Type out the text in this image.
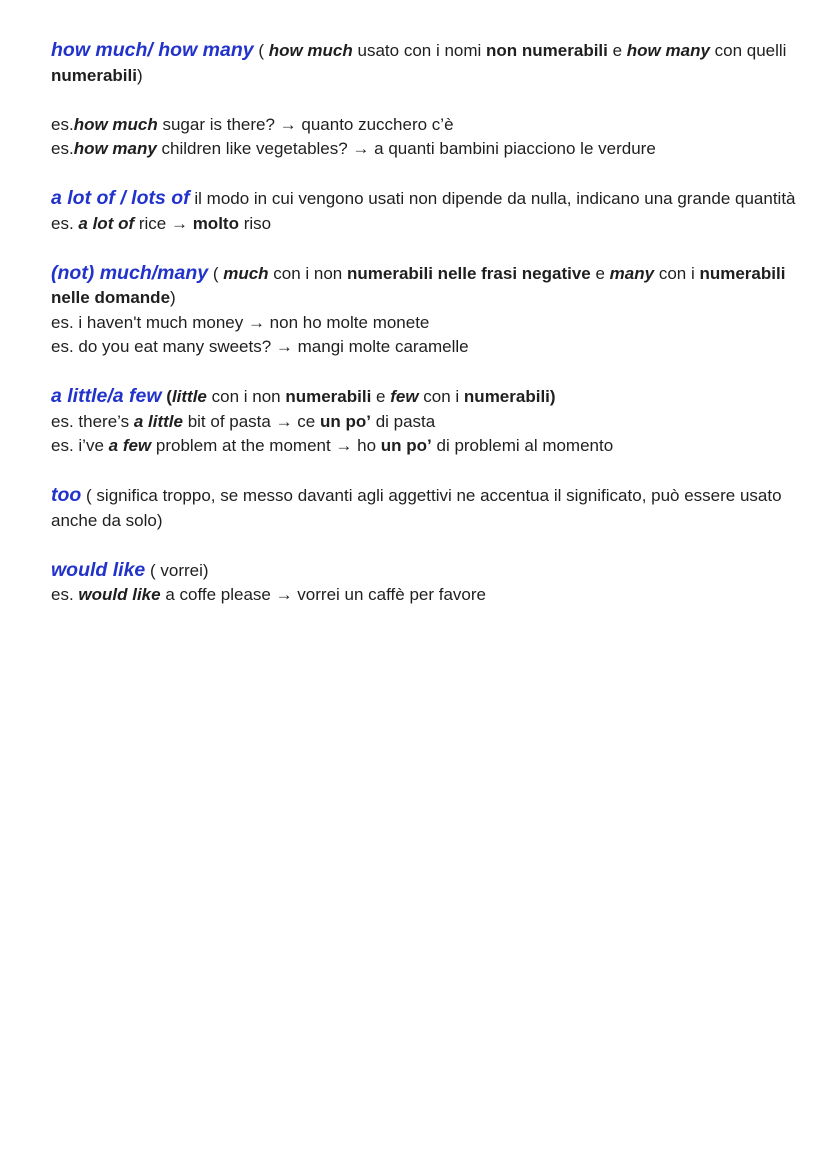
how much/ how many ( how much usato con i nomi non numerabili e how many con quelli numerabili)
es.how much sugar is there? → quanto zucchero c’è
es.how many children like vegetables? → a quanti bambini piacciono le verdure
a lot of / lots of il modo in cui vengono usati non dipende da nulla, indicano una grande quantità
es. a lot of rice → molto riso
(not) much/many ( much con i non numerabili nelle frasi negative e many con i numerabili nelle domande)
es. i haven't much money → non ho molte monete
es. do you eat many sweets? → mangi molte caramelle
a little/a few (little con i non numerabili e few con i numerabili)
es. there’s a little bit of pasta → ce un po’ di pasta
es. i’ve a few problem at the moment → ho un po’ di problemi al momento
too ( significa troppo, se messo davanti agli aggettivi ne accentua il significato, può essere usato anche da solo)
would like ( vorrei)
es. would like a coffe please → vorrei un caffè per favore
